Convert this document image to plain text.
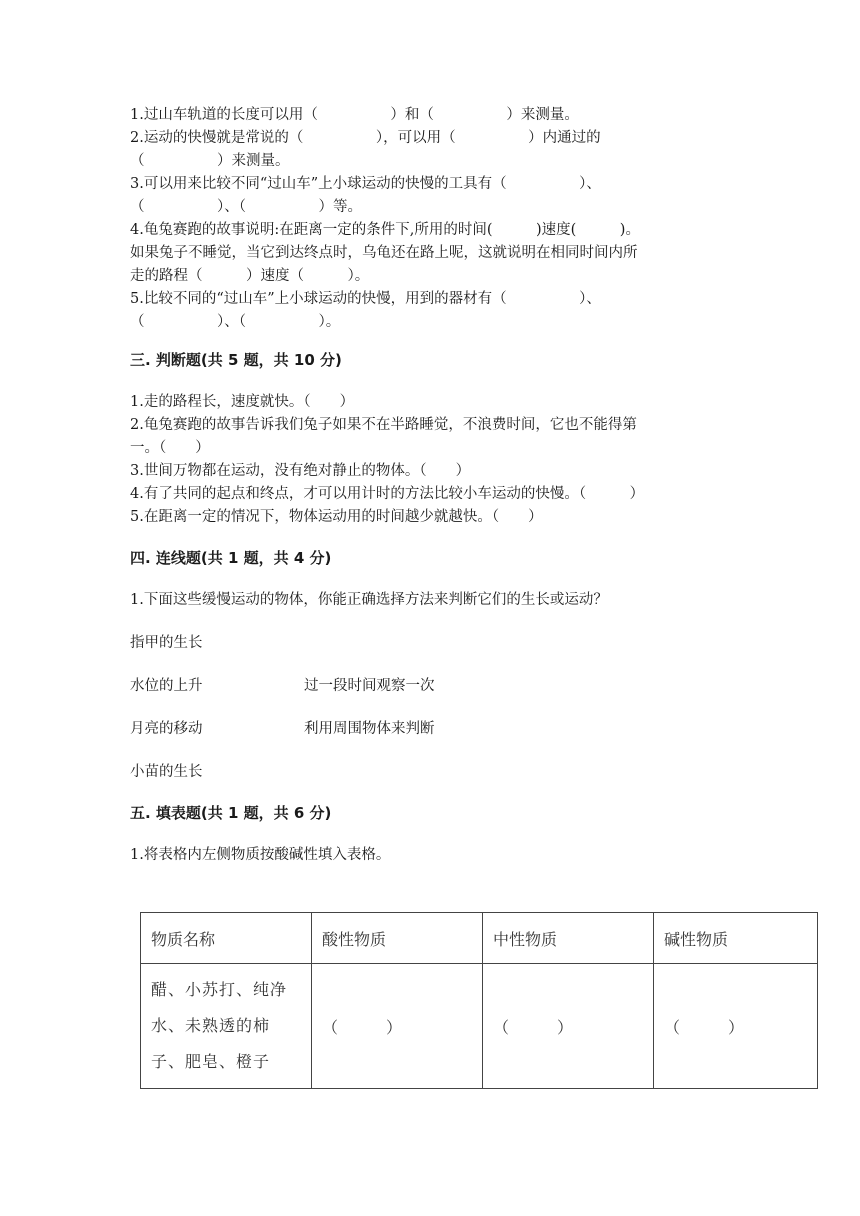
1.过山车轨道的长度可以用（　　　　　）和（　　　　　）来测量。
2.运动的快慢就是常说的（　　　　　），可以用（　　　　　）内通过的
（　　　　　）来测量。
3.可以用来比较不同“过山车”上小球运动的快慢的工具有（　　　　　）、
（　　　　　）、（　　　　　）等。
4.龟兔赛跑的故事说明:在距离一定的条件下,所用的时间(　　　)速度(　　　)。
如果兔子不睡觉，当它到达终点时，乌龟还在路上呢，这就说明在相同时间内所
走的路程（　　　）速度（　　　）。
5.比较不同的“过山车”上小球运动的快慢，用到的器材有（　　　　　）、
（　　　　　）、（　　　　　）。
三. 判断题(共 5 题，共 10 分)
1.走的路程长，速度就快。（　　）
2.龟兔赛跑的故事告诉我们兔子如果不在半路睡觉，不浪费时间，它也不能得第
一。（　　）
3.世间万物都在运动，没有绝对静止的物体。（　　）
4.有了共同的起点和终点，才可以用计时的方法比较小车运动的快慢。（　　　）
5.在距离一定的情况下，物体运动用的时间越少就越快。（　　）
四. 连线题(共 1 题，共 4 分)
1.下面这些缓慢运动的物体，你能正确选择方法来判断它们的生长或运动？
指甲的生长
水位的上升
月亮的移动
小苗的生长
过一段时间观察一次
利用周围物体来判断
五. 填表题(共 1 题，共 6 分)
1.将表格内左侧物质按酸碱性填入表格。
物质名称	酸性物质	中性物质	碱性物质
醋、小苏打、纯净水、未熟透的柿子、肥皂、橙子	（　　　）	（　　　）	（　　　）
